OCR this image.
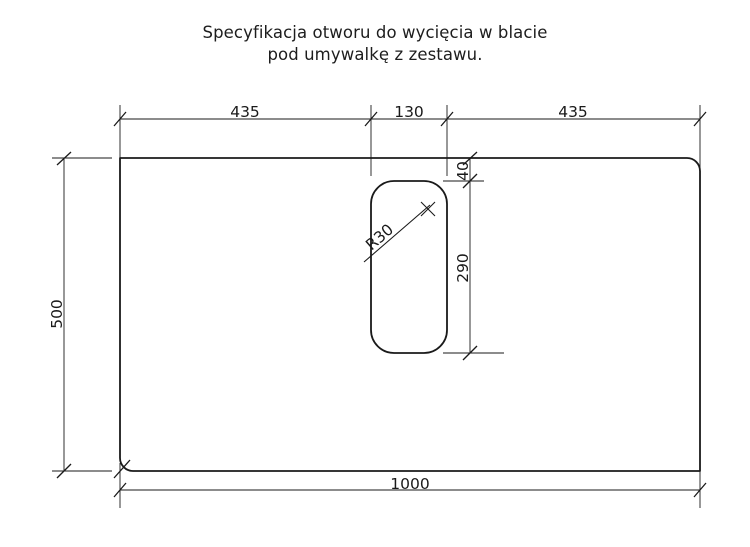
Specyfikacja otworu do wycięcia w blacie
pod umywalkę z zestawu.
435	130	435
500
1000
40
290
R30
